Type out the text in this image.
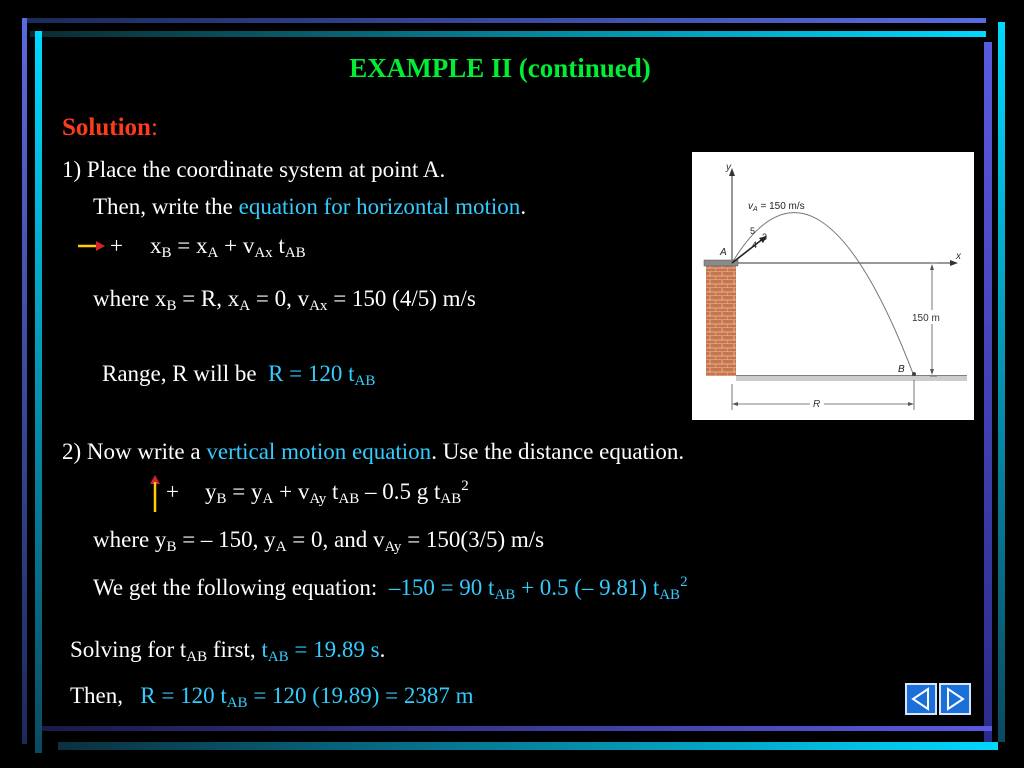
EXAMPLE II (continued)
Solution:
1) Place the coordinate system at point A.
Then, write the equation for horizontal motion.
+ $x_B = x_A + v_{Ax}$ $t_{AB}$
where $x_B = R$, $x_A = 0$, $v_{Ax} = 150$ (4/5) m/s
Range, R will be R = 120 $t_{AB}$
2) Now write a vertical motion equation. Use the distance equation.
+ $y_B = y_A + v_{Ay}$ $t_{AB} - 0.5$ g $t_{AB}^2$
where $y_B$ = – 150, $y_A = 0$, and $v_{Ay} = 150(3/5)$ m/s
We get the following equation: –150 = 90 $t_{AB} + 0.5$ (– 9.81) $t_{AB}^2$
Solving for $t_{AB}$ first, $t_{AB} = 19.89$ s.
Then, R = 120 $t_{AB} = 120$ (19.89) = 2387 m
y
x
$v_A = 150$ m/s
5
3
4
A
B
150 m
R
